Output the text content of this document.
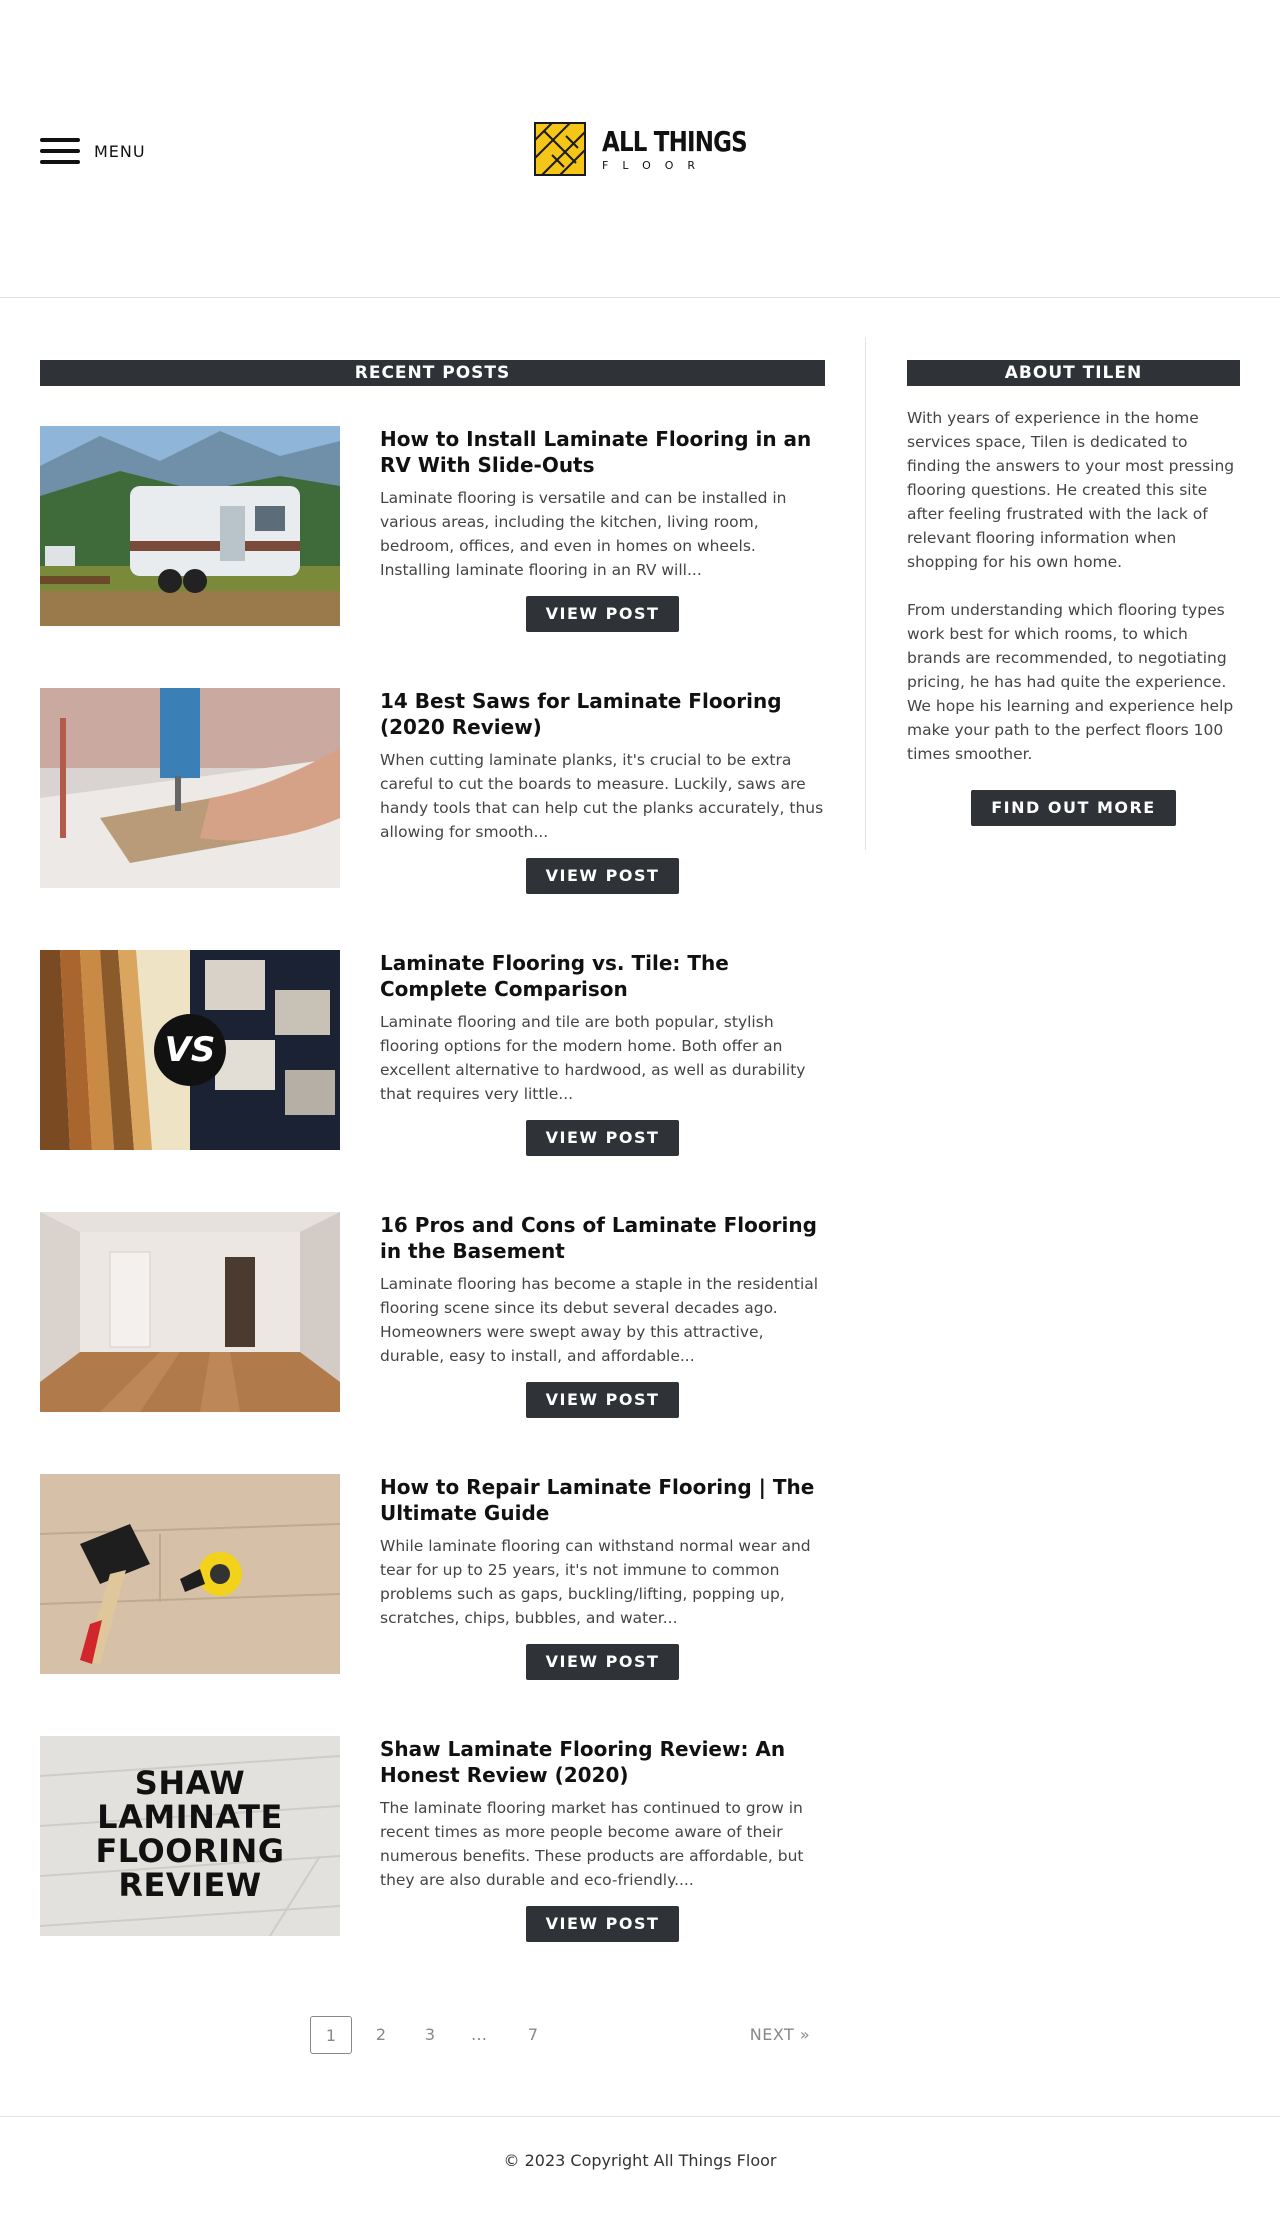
MENU	ALL THINGS
FLOOR
RECENT POSTS
How to Install Laminate Flooring in an RV With Slide-Outs

Laminate flooring is versatile and can be installed in various areas, including the kitchen, living room, bedroom, offices, and even in homes on wheels. Installing laminate flooring in an RV will...

VIEW POST
14 Best Saws for Laminate Flooring (2020 Review)

When cutting laminate planks, it's crucial to be extra careful to cut the boards to measure. Luckily, saws are handy tools that can help cut the planks accurately, thus allowing for smooth...

VIEW POST
VS
Laminate Flooring vs. Tile: The Complete Comparison

Laminate flooring and tile are both popular, stylish flooring options for the modern home. Both offer an excellent alternative to hardwood, as well as durability that requires very little...

VIEW POST
16 Pros and Cons of Laminate Flooring in the Basement

Laminate flooring has become a staple in the residential flooring scene since its debut several decades ago. Homeowners were swept away by this attractive, durable, easy to install, and affordable...

VIEW POST
How to Repair Laminate Flooring | The Ultimate Guide

While laminate flooring can withstand normal wear and tear for up to 25 years, it's not immune to common problems such as gaps, buckling/lifting, popping up, scratches, chips, bubbles, and water...

VIEW POST
SHAW
LAMINATE
FLOORING
REVIEW
Shaw Laminate Flooring Review: An Honest Review (2020)

The laminate flooring market has continued to grow in recent times as more people become aware of their numerous benefits. These products are affordable, but they are also durable and eco-friendly....

VIEW POST
1	2	3	…	7	NEXT »
ABOUT TILEN

With years of experience in the home services space, Tilen is dedicated to finding the answers to your most pressing flooring questions. He created this site after feeling frustrated with the lack of relevant flooring information when shopping for his own home.

From understanding which flooring types work best for which rooms, to which brands are recommended, to negotiating pricing, he has had quite the experience. We hope his learning and experience help make your path to the perfect floors 100 times smoother.

FIND OUT MORE

© 2023 Copyright All Things Floor
